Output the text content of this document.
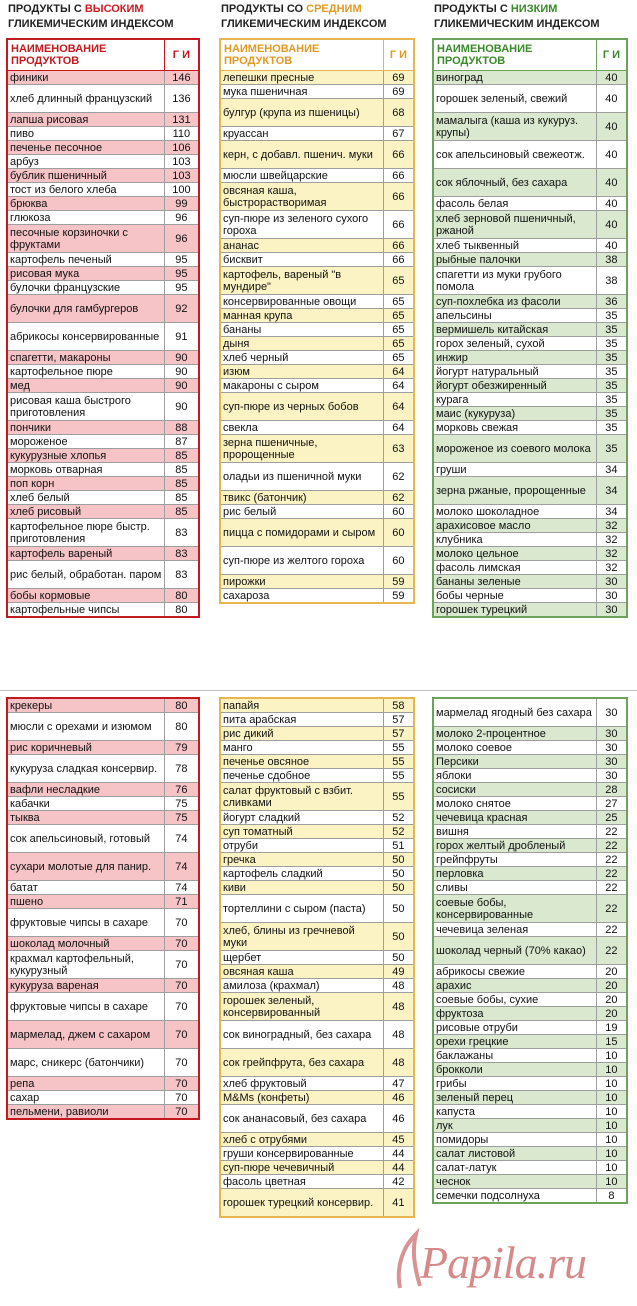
ПРОДУКТЫ С ВЫСОКИМ
ГЛИКЕМИЧЕСКИМ ИНДЕКСОМ
НАИМЕНОВАНИЕ ПРОДУКТОВ	Г И
финики	146
хлеб длинный французский	136
лапша рисовая	131
пиво	110
печенье песочное	106
арбуз	103
бублик пшеничный	103
тост из белого хлеба	100
брюква	99
глюкоза	96
песочные корзиночки с фруктами	96
картофель печеный	95
рисовая мука	95
булочки французские	95
булочки для гамбургеров	92
абрикосы консервированные	91
спагетти, макароны	90
картофельное пюре	90
мед	90
рисовая каша быстрого приготовления	90
пончики	88
мороженое	87
кукурузные хлопья	85
морковь отварная	85
поп корн	85
хлеб белый	85
хлеб рисовый	85
картофельное пюре быстр. приготовления	83
картофель вареный	83
рис белый, обработан. паром	83
бобы кормовые	80
картофельные чипсы	80
крекеры	80
мюсли с орехами и изюмом	80
рис коричневый	79
кукуруза сладкая консервир.	78
вафли несладкие	76
кабачки	75
тыква	75
сок апельсиновый, готовый	74
сухари молотые для панир.	74
батат	74
пшено	71
фруктовые чипсы в сахаре	70
шоколад молочный	70
крахмал картофельный, кукурузный	70
кукуруза вареная	70
фруктовые чипсы в сахаре	70
мармелад, джем с сахаром	70
марс, сникерс (батончики)	70
репа	70
сахар	70
пельмени, равиоли	70
ПРОДУКТЫ СО СРЕДНИМ
ГЛИКЕМИЧЕСКИМ ИНДЕКСОМ
НАИМЕНОВАНИЕ ПРОДУКТОВ	Г И
лепешки пресные	69
мука пшеничная	69
булгур (крупа из пшеницы)	68
круассан	67
керн, с добавл. пшенич. муки	66
мюсли швейцарские	66
овсяная каша, быстрорастворимая	66
суп-пюре из зеленого сухого гороха	66
ананас	66
бисквит	66
картофель, вареный "в мундире"	65
консервированные овощи	65
манная крупа	65
бананы	65
дыня	65
хлеб черный	65
изюм	64
макароны с сыром	64
суп-пюре из черных бобов	64
свекла	64
зерна пшеничные, пророщенные	63
оладьи из пшеничной муки	62
твикс (батончик)	62
рис белый	60
пицца с помидорами и сыром	60
суп-пюре из желтого гороха	60
пирожки	59
сахароза	59
папайя	58
пита арабская	57
рис дикий	57
манго	55
печенье овсяное	55
печенье сдобное	55
салат фруктовый с взбит. сливками	55
йогурт сладкий	52
суп томатный	52
отруби	51
гречка	50
картофель сладкий	50
киви	50
тортеллини с сыром (паста)	50
хлеб, блины из гречневой муки	50
щербет	50
овсяная каша	49
амилоза (крахмал)	48
горошек зеленый, консервированный	48
сок виноградный, без сахара	48
сок грейпфрута, без сахара	48
хлеб фруктовый	47
M&Ms (конфеты)	46
сок ананасовый, без сахара	46
хлеб с отрубями	45
груши консервированные	44
суп-пюре чечевичный	44
фасоль цветная	42
горошек турецкий консервир.	41
ПРОДУКТЫ С НИЗКИМ
ГЛИКЕМИЧЕСКИМ ИНДЕКСОМ
НАИМЕНОВАНИЕ ПРОДУКТОВ	Г И
виноград	40
горошек зеленый, свежий	40
мамалыга (каша из кукуруз. крупы)	40
сок апельсиновый свежеотж.	40
сок яблочный, без сахара	40
фасоль белая	40
хлеб зерновой пшеничный, ржаной	40
хлеб тыквенный	40
рыбные палочки	38
спагетти из муки грубого помола	38
суп-похлебка из фасоли	36
апельсины	35
вермишель китайская	35
горох зеленый, сухой	35
инжир	35
йогурт натуральный	35
йогурт обезжиренный	35
курага	35
маис (кукуруза)	35
морковь свежая	35
мороженое из соевого молока	35
груши	34
зерна ржаные, пророщенные	34
молоко шоколадное	34
арахисовое масло	32
клубника	32
молоко цельное	32
фасоль лимская	32
бананы зеленые	30
бобы черные	30
горошек турецкий	30
мармелад ягодный без сахара	30
молоко 2-процентное	30
молоко соевое	30
Персики	30
яблоки	30
сосиски	28
молоко снятое	27
чечевица красная	25
вишня	22
горох желтый дробленый	22
грейпфруты	22
перловка	22
сливы	22
соевые бобы, консервированные	22
чечевица зеленая	22
шоколад черный (70% какао)	22
абрикосы свежие	20
арахис	20
соевые бобы, сухие	20
фруктоза	20
рисовые отруби	19
орехи грецкие	15
баклажаны	10
брокколи	10
грибы	10
зеленый перец	10
капуста	10
лук	10
помидоры	10
салат листовой	10
салат-латук	10
чеснок	10
семечки подсолнуха	8
Papila.ru
